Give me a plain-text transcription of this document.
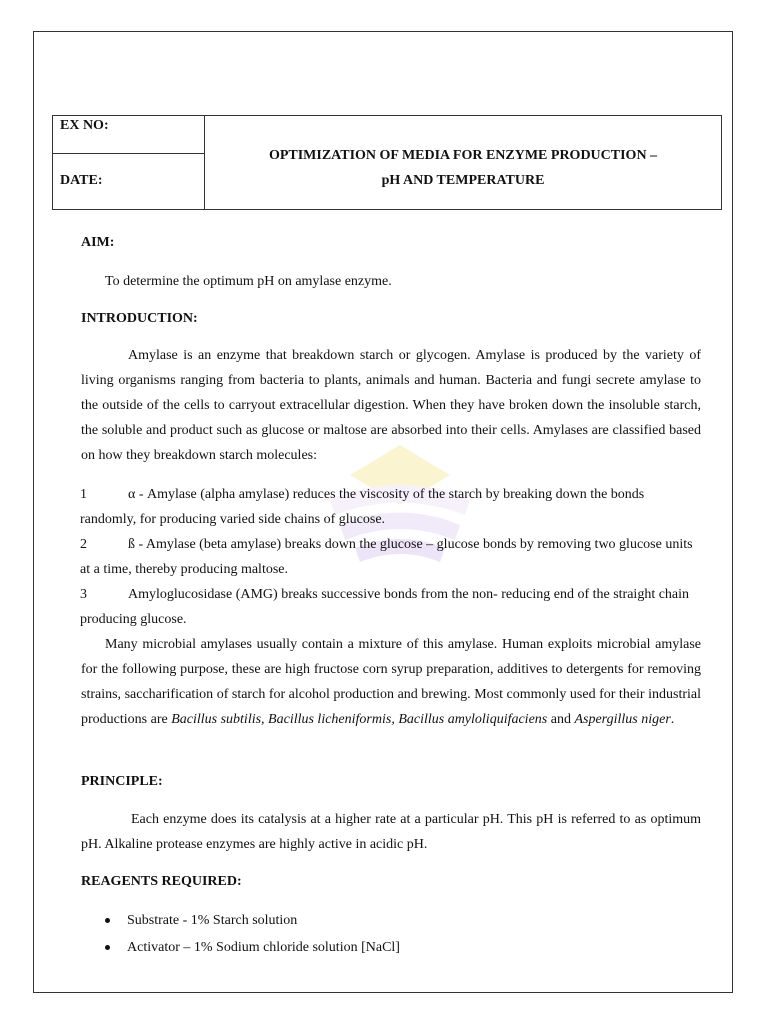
EX NO:
DATE:
OPTIMIZATION OF MEDIA FOR ENZYME PRODUCTION –
pH AND TEMPERATURE
AIM:
To determine the optimum pH on amylase enzyme.
INTRODUCTION:
Amylase is an enzyme that breakdown starch or glycogen. Amylase is produced by the variety of living organisms ranging from bacteria to plants, animals and human. Bacteria and fungi secrete amylase to the outside of the cells to carryout extracellular digestion. When they have broken down the insoluble starch, the soluble and product such as glucose or maltose are absorbed into their cells. Amylases are classified based on how they breakdown starch molecules:
1	α - Amylase (alpha amylase) reduces the viscosity of the starch by breaking down the bonds randomly, for producing varied side chains of glucose.
2	ß - Amylase (beta amylase) breaks down the glucose – glucose bonds by removing two glucose units at a time, thereby producing maltose.
3	Amyloglucosidase (AMG) breaks successive bonds from the non- reducing end of the straight chain producing glucose.
Many microbial amylases usually contain a mixture of this amylase. Human exploits microbial amylase for the following purpose, these are high fructose corn syrup preparation, additives to detergents for removing strains, saccharification of starch for alcohol production and brewing. Most commonly used for their industrial productions are Bacillus subtilis, Bacillus licheniformis, Bacillus amyloliquifaciens and Aspergillus niger.
PRINCIPLE:
Each enzyme does its catalysis at a higher rate at a particular pH. This pH is referred to as optimum pH. Alkaline protease enzymes are highly active in acidic pH.
REAGENTS REQUIRED:
Substrate - 1% Starch solution
Activator – 1% Sodium chloride solution [NaCl]
